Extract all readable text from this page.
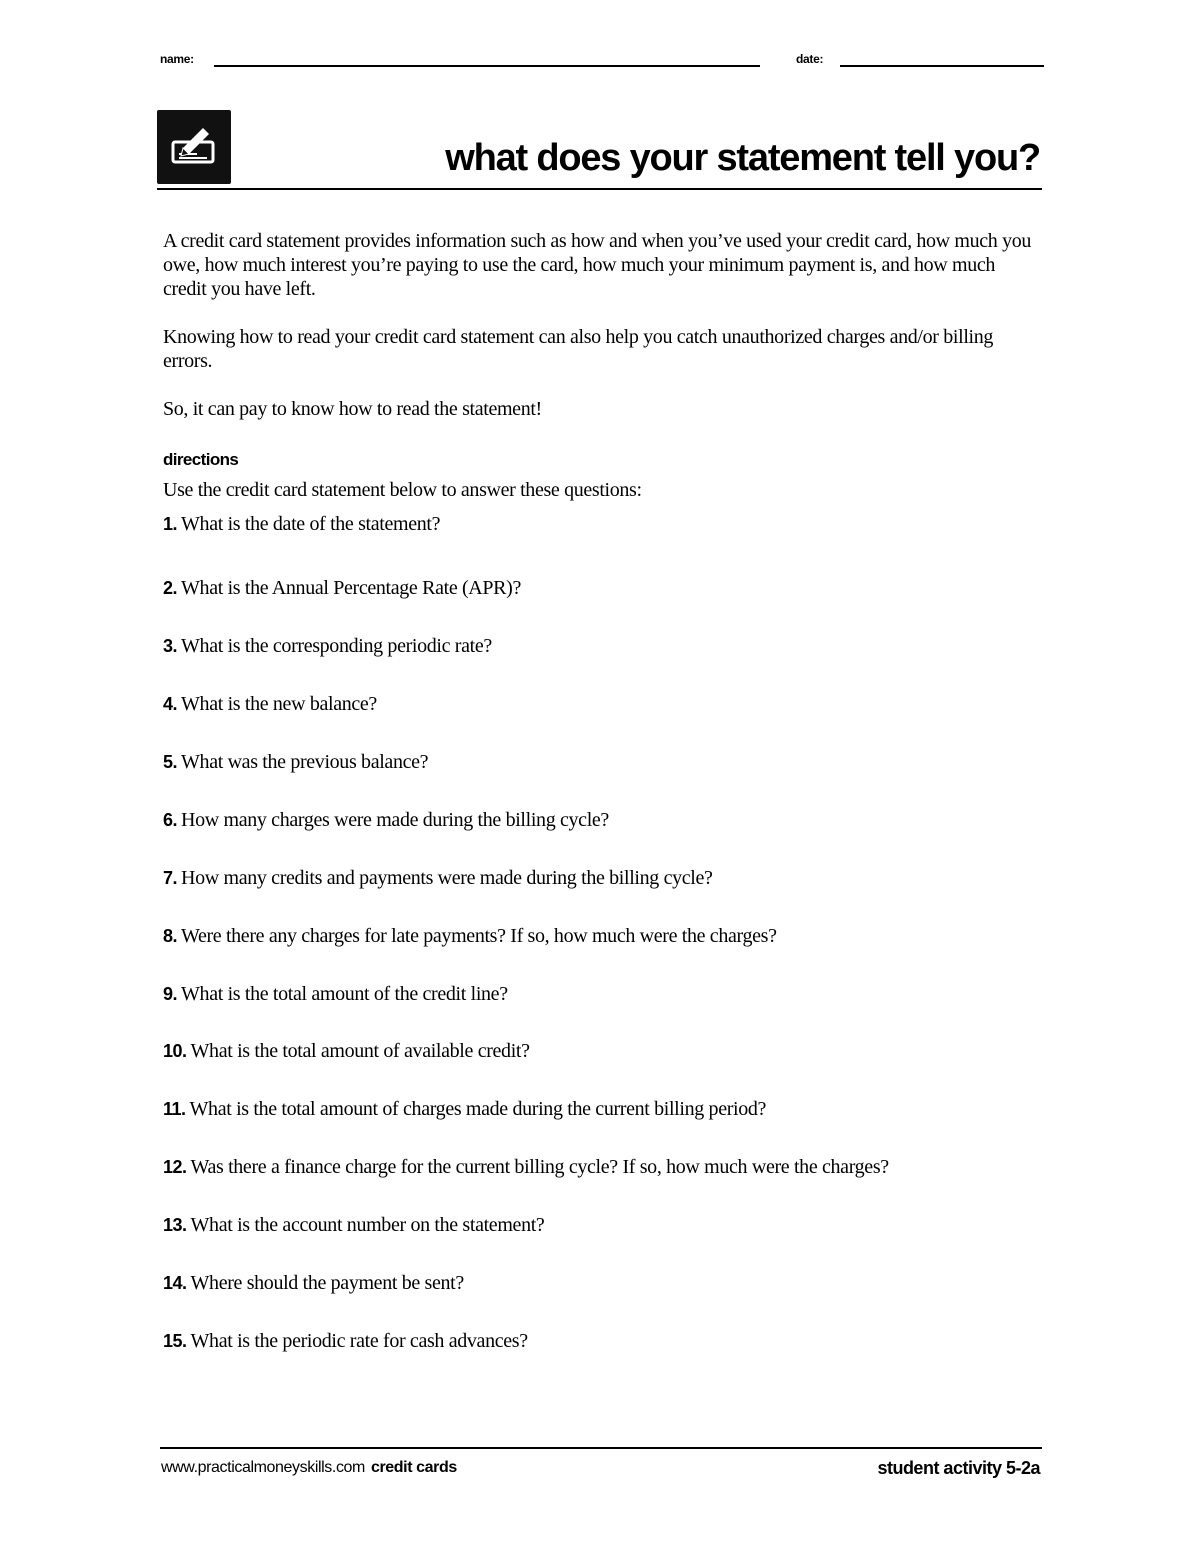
name:	date:
what does your statement tell you?

A credit card statement provides information such as how and when you’ve used your credit card, how much you owe, how much interest you’re paying to use the card, how much your minimum payment is, and how much credit you have left.

Knowing how to read your credit card statement can also help you catch unauthorized charges and/or billing errors.

So, it can pay to know how to read the statement!

directions

Use the credit card statement below to answer these questions:

1. What is the date of the statement?

2. What is the Annual Percentage Rate (APR)?

3. What is the corresponding periodic rate?

4. What is the new balance?

5. What was the previous balance?

6. How many charges were made during the billing cycle?

7. How many credits and payments were made during the billing cycle?

8. Were there any charges for late payments? If so, how much were the charges?

9. What is the total amount of the credit line?

10. What is the total amount of available credit?

11. What is the total amount of charges made during the current billing period?

12. Was there a finance charge for the current billing cycle? If so, how much were the charges?

13. What is the account number on the statement?

14. Where should the payment be sent?

15. What is the periodic rate for cash advances?

www.practicalmoneyskills.com credit cards	student activity 5-2a
